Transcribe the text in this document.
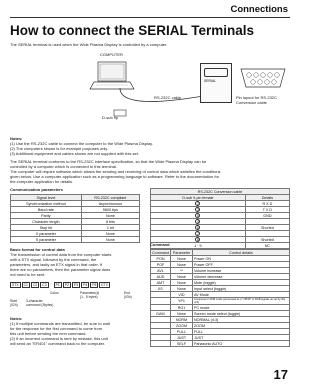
Connections
How to connect the SERIAL Terminals
The SERIAL terminal is used when the Wide Plasma Display is controlled by a computer.
COMPUTER
RS-232C cable
D-sub 9p
SERIAL
Pin layout for RS-232C
Conversion cable
Notes:
(1) Use the RS-232C cable to connect the computer to the Wide Plasma Display.
(2) The computers shown is for example purposes only.
(3) Additional equipment and cables shown are not supplied with this set.
The SERIAL terminal conforms to the RS-232C interface specification, so that the Wide Plasma Display can be
controlled by a computer which is connected to this terminal.
The computer will require software which allows the sending and receiving of control data which satisfies the conditions
given below. Use a computer application such as a programming language to software. Refer to the documentation for
the computer application for details.
Communication parameters
Signal level	RS-232C compliant
Synchronization method	Asynchronous
Baud rate	9600 bps
Parity	None
Character length	8 bits
Stop bit	1 bit
X parameter	None
S parameter	None
RS-232C Conversion cable	
D-sub 9-pin female	Details
2	R X D
3	T X D
5	GND
4	
6	Shorted
7	
8	Shorted
1 · 9	NC
Basic format for control data
The transmission of control data from the computer starts
with a STX signal, followed by the command, the
parameters, and lastly an ETX signal in that order. If
there are no parameters, then the parameter signal does
not need to be sent.
STX	C1	C2	C3	:	P1	P2	P3	P4	P5	ETX
Colon	Parameter(s)
(1 - 5 bytes)
End
(03h)
Start
(02h)
3-character
command (3bytes)
Notes:
(1) If multiple commands are transmitted, be sure to wait
for the response for the first command to come from
this unit before sending the next command.
(2) If an incorrect command is sent by mistake, this unit
will send an "ER401" command back to the computer.
Command
Command	Parameter	Control details
PON	None	Power ON
POF	None	Power OFF
AVL	**	Volume increase
AUD	None	Volume decrease
AMT	None	Mute (toggle)
IIS	None	Input select (toggle)
	VID	AV Mode
	YP1	Component / RGB mode (processed as a Y/Pb/Pr or RGB signals as set by this unit)
	RG1	PC mode
DAM	None	Screen mode select (toggle)
	NORM	NORMAL (4:3)
	ZOOM	ZOOM
	FULL	FULL
	JUST	JUST
	SELF	Panasonic AUTO
17
